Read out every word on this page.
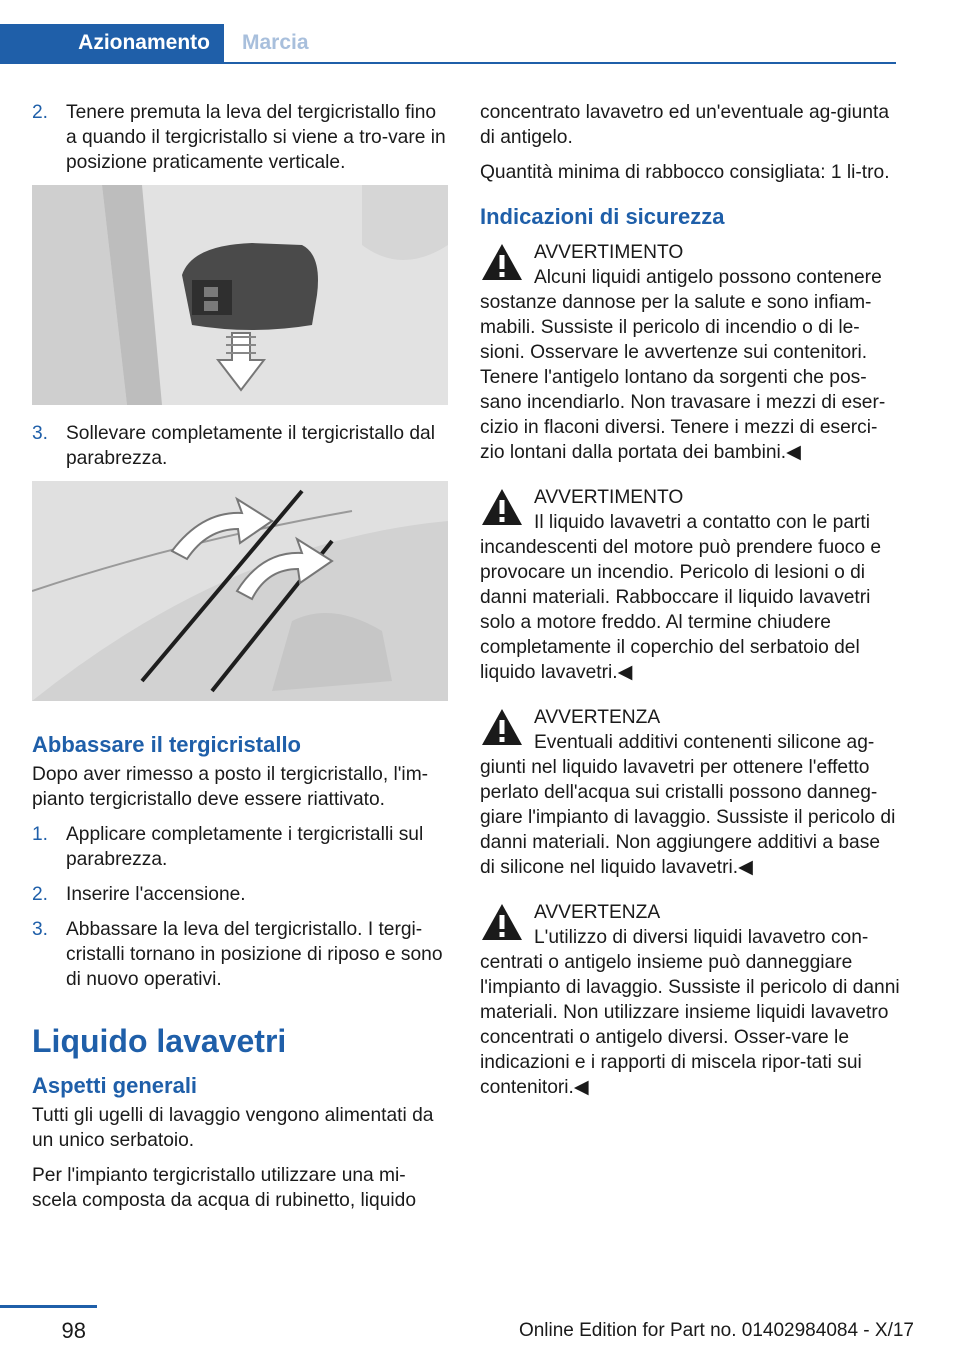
Azionamento	Marcia
2. Tenere premuta la leva del tergicristallo fino a quando il tergicristallo si viene a tro-vare in posizione praticamente verticale.
3. Sollevare completamente il tergicristallo dal parabrezza.
Abbassare il tergicristallo

Dopo aver rimesso a posto il tergicristallo, l'im-pianto tergicristallo deve essere riattivato.

1. Applicare completamente i tergicristalli sul parabrezza.
2. Inserire l'accensione.
3. Abbassare la leva del tergicristallo. I tergi-cristalli tornano in posizione di riposo e sono di nuovo operativi.
Liquido lavavetri
Aspetti generali

Tutti gli ugelli di lavaggio vengono alimentati da un unico serbatoio.

Per l'impianto tergicristallo utilizzare una mi-scela composta da acqua di rubinetto, liquido

concentrato lavavetro ed un'eventuale ag-giunta di antigelo.

Quantità minima di rabbocco consigliata: 1 li-tro.

Indicazioni di sicurezza
AVVERTIMENTO
Alcuni liquidi antigelo possono contenere sostanze dannose per la salute e sono infiam-mabili. Sussiste il pericolo di incendio o di le-sioni. Osservare le avvertenze sui contenitori. Tenere l'antigelo lontano da sorgenti che pos-sano incendiarlo. Non travasare i mezzi di eser-cizio in flaconi diversi. Tenere i mezzi di eserci-zio lontani dalla portata dei bambini.◀
AVVERTIMENTO
Il liquido lavavetri a contatto con le parti incandescenti del motore può prendere fuoco e provocare un incendio. Pericolo di lesioni o di danni materiali. Rabboccare il liquido lavavetri solo a motore freddo. Al termine chiudere completamente il coperchio del serbatoio del liquido lavavetri.◀
AVVERTENZA
Eventuali additivi contenenti silicone ag-giunti nel liquido lavavetri per ottenere l'effetto perlato dell'acqua sui cristalli possono danneg-giare l'impianto di lavaggio. Sussiste il pericolo di danni materiali. Non aggiungere additivi a base di silicone nel liquido lavavetri.◀
AVVERTENZA
L'utilizzo di diversi liquidi lavavetro con-centrati o antigelo insieme può danneggiare l'impianto di lavaggio. Sussiste il pericolo di danni materiali. Non utilizzare insieme liquidi lavavetro concentrati o antigelo diversi. Osser-vare le indicazioni e i rapporti di miscela ripor-tati sui contenitori.◀
98	Online Edition for Part no. 01402984084 - X/17
